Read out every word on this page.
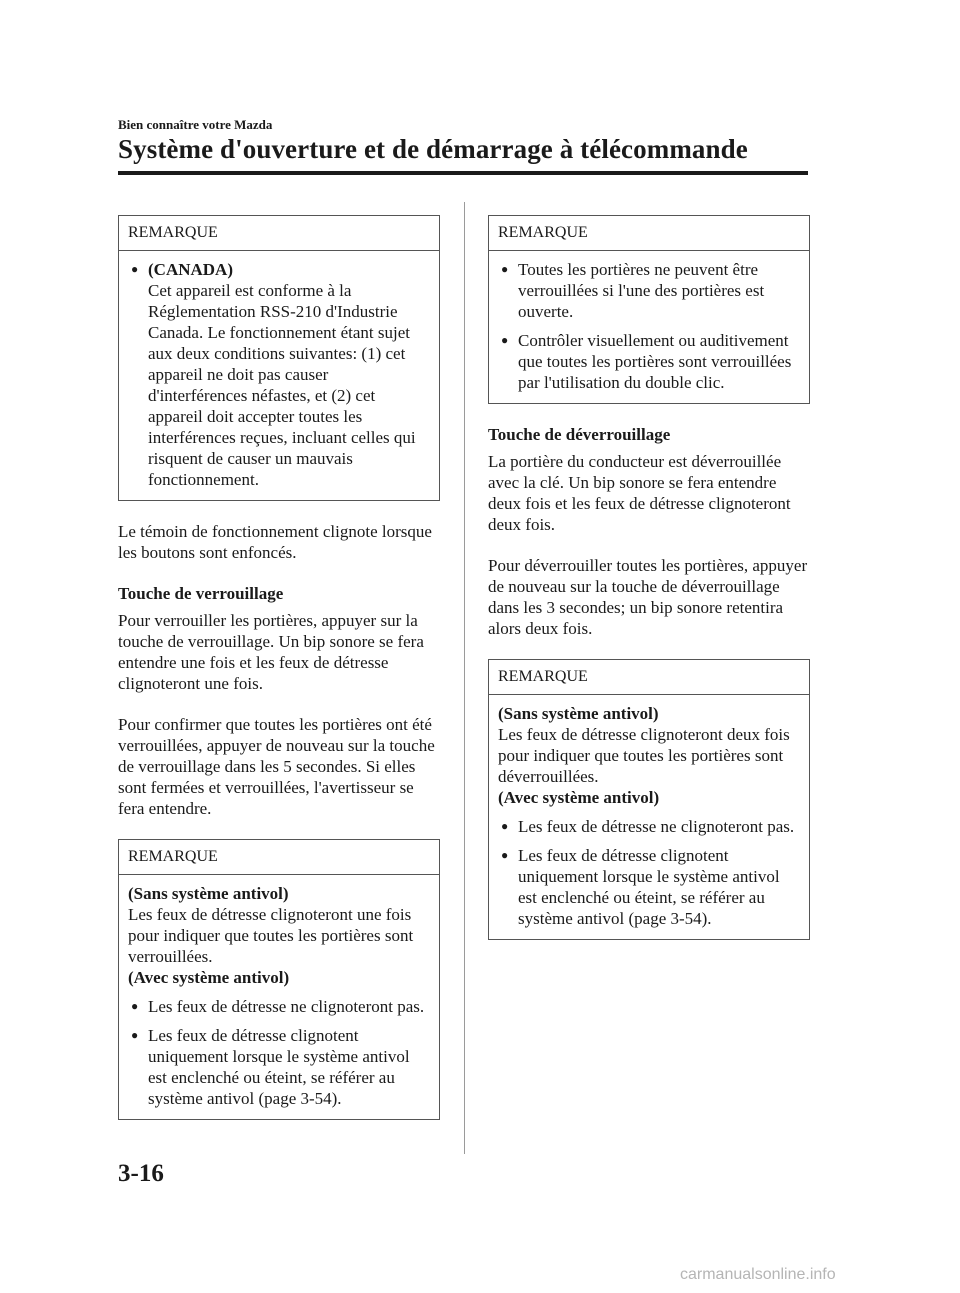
Bien connaître votre Mazda
Système d'ouverture et de démarrage à télécommande
REMARQUE
● (CANADA)
Cet appareil est conforme à la Réglementation RSS-210 d'Industrie Canada. Le fonctionnement étant sujet aux deux conditions suivantes: (1) cet appareil ne doit pas causer d'interférences néfastes, et (2) cet appareil doit accepter toutes les interférences reçues, incluant celles qui risquent de causer un mauvais fonctionnement.

Le témoin de fonctionnement clignote lorsque les boutons sont enfoncés.

Touche de verrouillage

Pour verrouiller les portières, appuyer sur la touche de verrouillage. Un bip sonore se fera entendre une fois et les feux de détresse clignoteront une fois.

Pour confirmer que toutes les portières ont été verrouillées, appuyer de nouveau sur la touche de verrouillage dans les 5 secondes. Si elles sont fermées et verrouillées, l'avertisseur se fera entendre.

REMARQUE
(Sans système antivol)
Les feux de détresse clignoteront une fois pour indiquer que toutes les portières sont verrouillées.
(Avec système antivol)
● Les feux de détresse ne clignoteront pas.
● Les feux de détresse clignotent uniquement lorsque le système antivol est enclenché ou éteint, se référer au système antivol (page 3-54).
REMARQUE
● Toutes les portières ne peuvent être verrouillées si l'une des portières est ouverte.
● Contrôler visuellement ou auditivement que toutes les portières sont verrouillées par l'utilisation du double clic.
Touche de déverrouillage

La portière du conducteur est déverrouillée avec la clé. Un bip sonore se fera entendre deux fois et les feux de détresse clignoteront deux fois.

Pour déverrouiller toutes les portières, appuyer de nouveau sur la touche de déverrouillage dans les 3 secondes; un bip sonore retentira alors deux fois.

REMARQUE
(Sans système antivol)
Les feux de détresse clignoteront deux fois pour indiquer que toutes les portières sont déverrouillées.
(Avec système antivol)
● Les feux de détresse ne clignoteront pas.
● Les feux de détresse clignotent uniquement lorsque le système antivol est enclenché ou éteint, se référer au système antivol (page 3-54).
3-16
carmanualsonline.info
